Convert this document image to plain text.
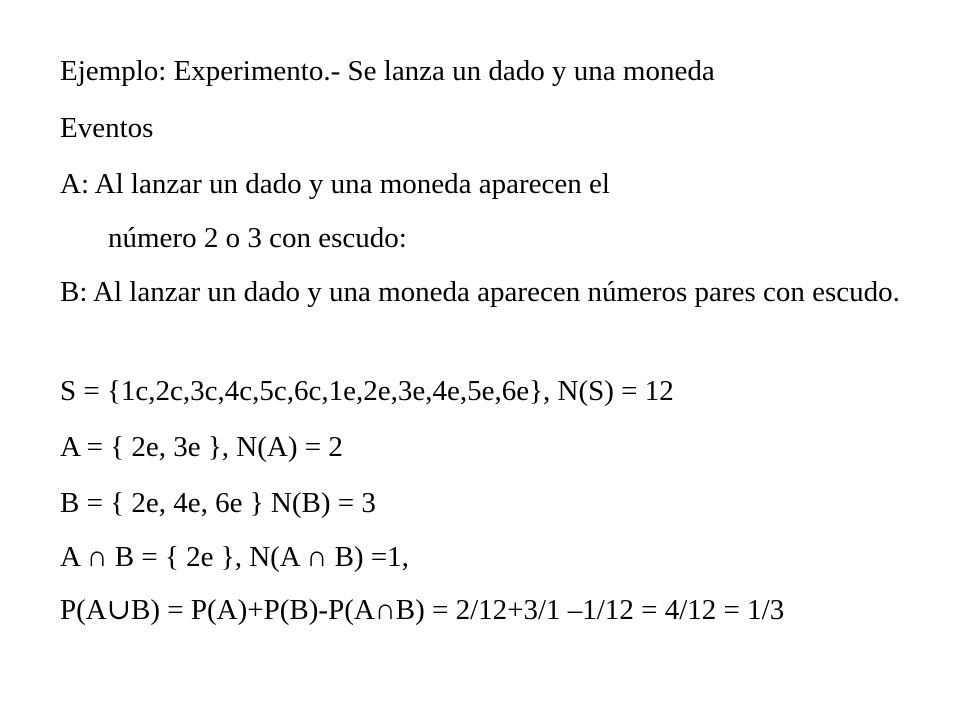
Ejemplo: Experimento.- Se lanza un dado y una moneda
Eventos
A: Al lanzar un dado y una moneda aparecen el
número 2 o 3 con escudo:
B: Al lanzar un dado y una moneda aparecen números pares con escudo.
S = {1c,2c,3c,4c,5c,6c,1e,2e,3e,4e,5e,6e}, N(S) = 12
A = { 2e, 3e }, N(A) = 2
B = { 2e, 4e, 6e } N(B) = 3
A ∩ B = { 2e }, N(A ∩ B) =1,
P(A∪B) = P(A)+P(B)-P(A∩B) = 2/12+3/1 –1/12 = 4/12 = 1/3
